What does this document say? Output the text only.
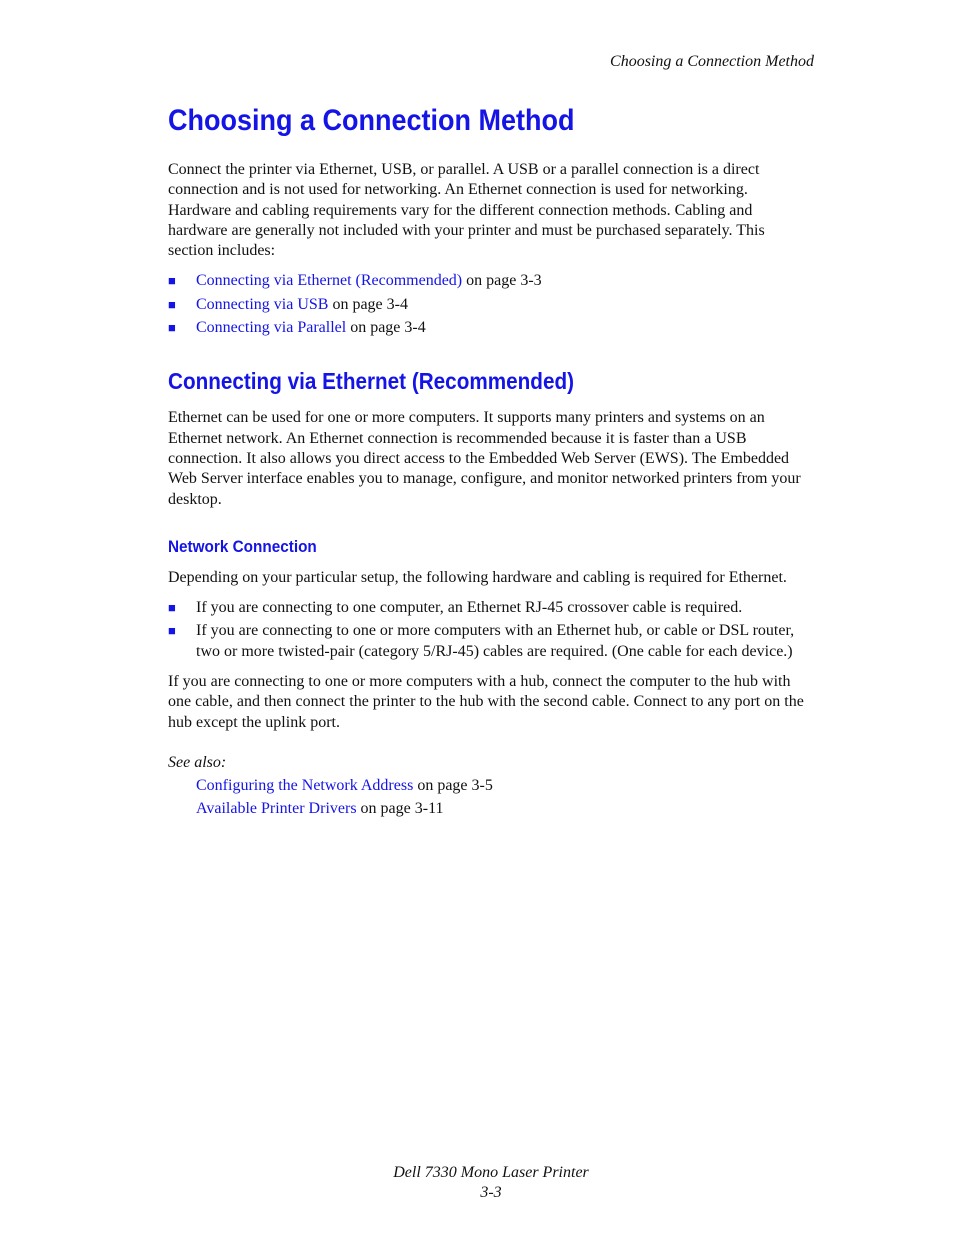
Choosing a Connection Method
Choosing a Connection Method

Connect the printer via Ethernet, USB, or parallel. A USB or a parallel connection is a direct connection and is not used for networking. An Ethernet connection is used for networking. Hardware and cabling requirements vary for the different connection methods. Cabling and hardware are generally not included with your printer and must be purchased separately. This section includes:

■ Connecting via Ethernet (Recommended) on page 3-3
■ Connecting via USB on page 3-4
■ Connecting via Parallel on page 3-4
Connecting via Ethernet (Recommended)

Ethernet can be used for one or more computers. It supports many printers and systems on an Ethernet network. An Ethernet connection is recommended because it is faster than a USB connection. It also allows you direct access to the Embedded Web Server (EWS). The Embedded Web Server interface enables you to manage, configure, and monitor networked printers from your desktop.

Network Connection

Depending on your particular setup, the following hardware and cabling is required for Ethernet.

■ If you are connecting to one computer, an Ethernet RJ-45 crossover cable is required.
■ If you are connecting to one or more computers with an Ethernet hub, or cable or DSL router, two or more twisted-pair (category 5/RJ-45) cables are required. (One cable for each device.)

If you are connecting to one or more computers with a hub, connect the computer to the hub with one cable, and then connect the printer to the hub with the second cable. Connect to any port on the hub except the uplink port.

See also:
Configuring the Network Address on page 3-5
Available Printer Drivers on page 3-11
Dell 7330 Mono Laser Printer
3-3
